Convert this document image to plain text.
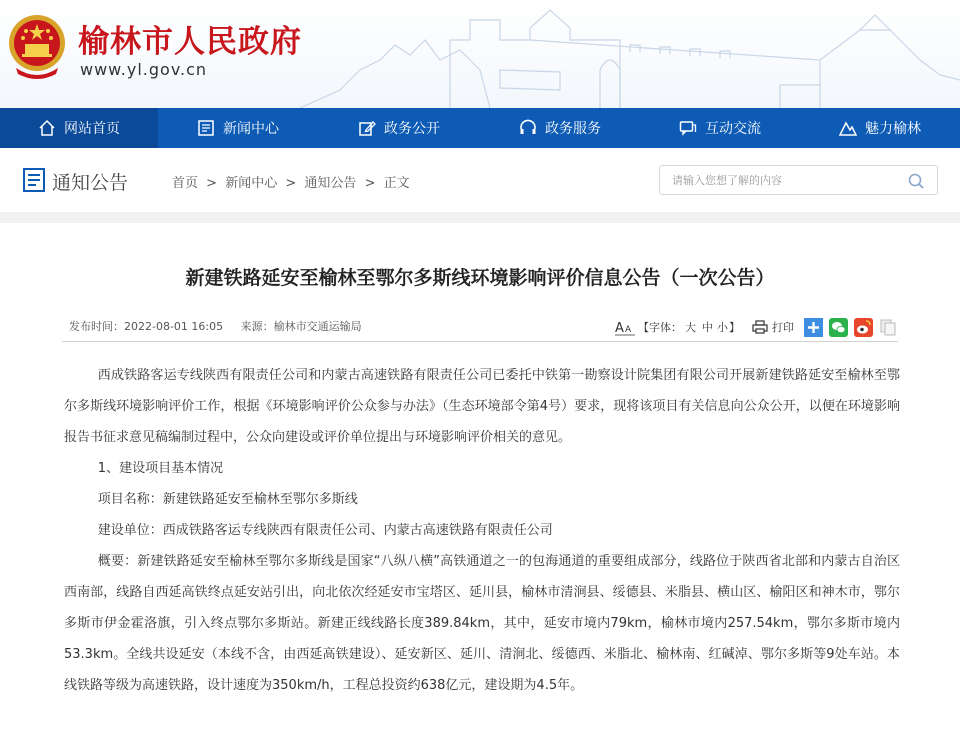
榆林市人民政府
www.yl.gov.cn
网站首页	新闻中心	政务公开	政务服务	互动交流	魅力榆林
通知公告	首页 > 新闻中心 > 通知公告 > 正文
请输入您想了解的内容
新建铁路延安至榆林至鄂尔多斯线环境影响评价信息公告（一次公告）
发布时间：2022-08-01 16:05 来源：榆林市交通运输局	A A 【字体： 大 中 小 】	打印

西成铁路客运专线陕西有限责任公司和内蒙古高速铁路有限责任公司已委托中铁第一勘察设计院集团有限公司开展新建铁路延安至榆林至鄂尔多斯线环境影响评价工作，根据《环境影响评价公众参与办法》（生态环境部令第4号）要求，现将该项目有关信息向公众公开，以便在环境影响报告书征求意见稿编制过程中，公众向建设或评价单位提出与环境影响评价相关的意见。

1、建设项目基本情况

项目名称：新建铁路延安至榆林至鄂尔多斯线

建设单位：西成铁路客运专线陕西有限责任公司、内蒙古高速铁路有限责任公司

概要：新建铁路延安至榆林至鄂尔多斯线是国家“八纵八横”高铁通道之一的包海通道的重要组成部分，线路位于陕西省北部和内蒙古自治区西南部，线路自西延高铁终点延安站引出，向北依次经延安市宝塔区、延川县，榆林市清涧县、绥德县、米脂县、横山区、榆阳区和神木市，鄂尔多斯市伊金霍洛旗，引入终点鄂尔多斯站。新建正线线路长度389.84km，其中，延安市境内79km，榆林市境内257.54km，鄂尔多斯市境内53.3km。全线共设延安（本线不含，由西延高铁建设）、延安新区、延川、清涧北、绥德西、米脂北、榆林南、红碱淖、鄂尔多斯等9处车站。本线铁路等级为高速铁路，设计速度为350km/h，工程总投资约638亿元，建设期为4.5年。
